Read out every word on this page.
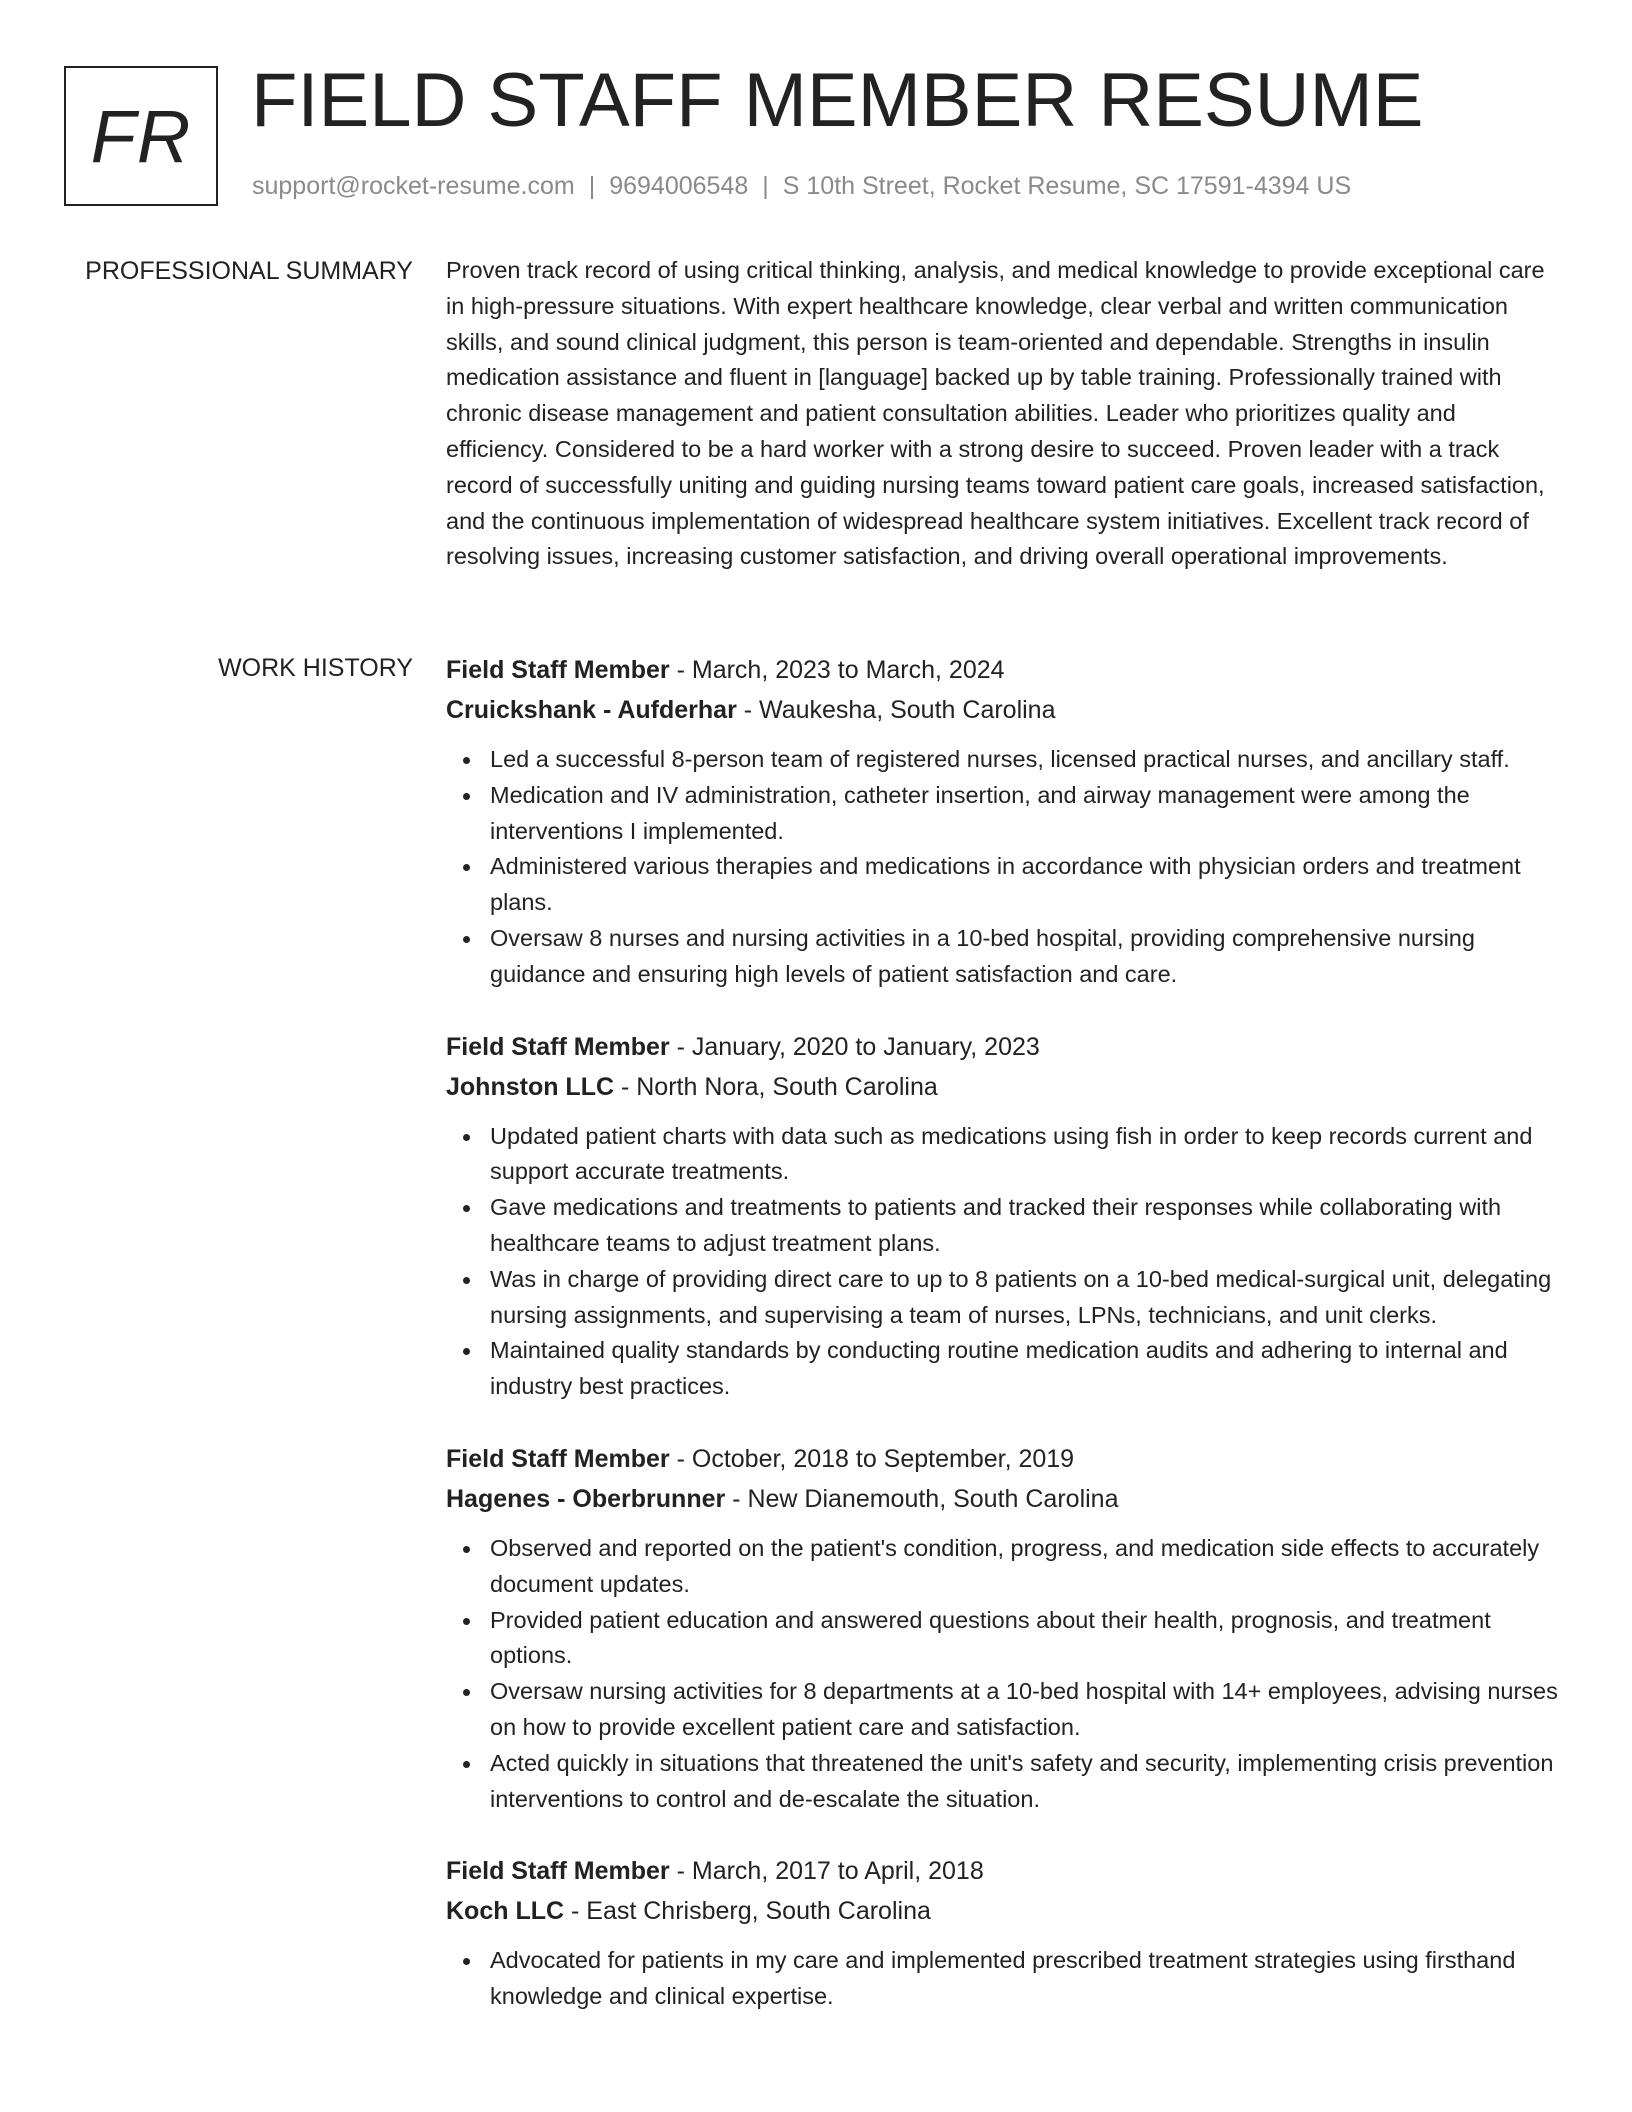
FR FIELD STAFF MEMBER RESUME
support@rocket-resume.com | 9694006548 | S 10th Street, Rocket Resume, SC 17591-4394 US
PROFESSIONAL SUMMARY Proven track record of using critical thinking, analysis, and medical knowledge to provide exceptional care in high-pressure situations. With expert healthcare knowledge, clear verbal and written communication skills, and sound clinical judgment, this person is team-oriented and dependable. Strengths in insulin medication assistance and fluent in [language] backed up by table training. Professionally trained with chronic disease management and patient consultation abilities. Leader who prioritizes quality and efficiency. Considered to be a hard worker with a strong desire to succeed. Proven leader with a track record of successfully uniting and guiding nursing teams toward patient care goals, increased satisfaction, and the continuous implementation of widespread healthcare system initiatives. Excellent track record of resolving issues, increasing customer satisfaction, and driving overall operational improvements.

WORK HISTORY Field Staff Member - March, 2023 to March, 2024
Cruickshank - Aufderhar - Waukesha, South Carolina
Led a successful 8-person team of registered nurses, licensed practical nurses, and ancillary staff.
Medication and IV administration, catheter insertion, and airway management were among the interventions I implemented.
Administered various therapies and medications in accordance with physician orders and treatment plans.
Oversaw 8 nurses and nursing activities in a 10-bed hospital, providing comprehensive nursing guidance and ensuring high levels of patient satisfaction and care.
Field Staff Member - January, 2020 to January, 2023
Johnston LLC - North Nora, South Carolina
Updated patient charts with data such as medications using fish in order to keep records current and support accurate treatments.
Gave medications and treatments to patients and tracked their responses while collaborating with healthcare teams to adjust treatment plans.
Was in charge of providing direct care to up to 8 patients on a 10-bed medical-surgical unit, delegating nursing assignments, and supervising a team of nurses, LPNs, technicians, and unit clerks.
Maintained quality standards by conducting routine medication audits and adhering to internal and industry best practices.
Field Staff Member - October, 2018 to September, 2019
Hagenes - Oberbrunner - New Dianemouth, South Carolina
Observed and reported on the patient's condition, progress, and medication side effects to accurately document updates.
Provided patient education and answered questions about their health, prognosis, and treatment options.
Oversaw nursing activities for 8 departments at a 10-bed hospital with 14+ employees, advising nurses on how to provide excellent patient care and satisfaction.
Acted quickly in situations that threatened the unit's safety and security, implementing crisis prevention interventions to control and de-escalate the situation.
Field Staff Member - March, 2017 to April, 2018
Koch LLC - East Chrisberg, South Carolina
Advocated for patients in my care and implemented prescribed treatment strategies using firsthand knowledge and clinical expertise.
